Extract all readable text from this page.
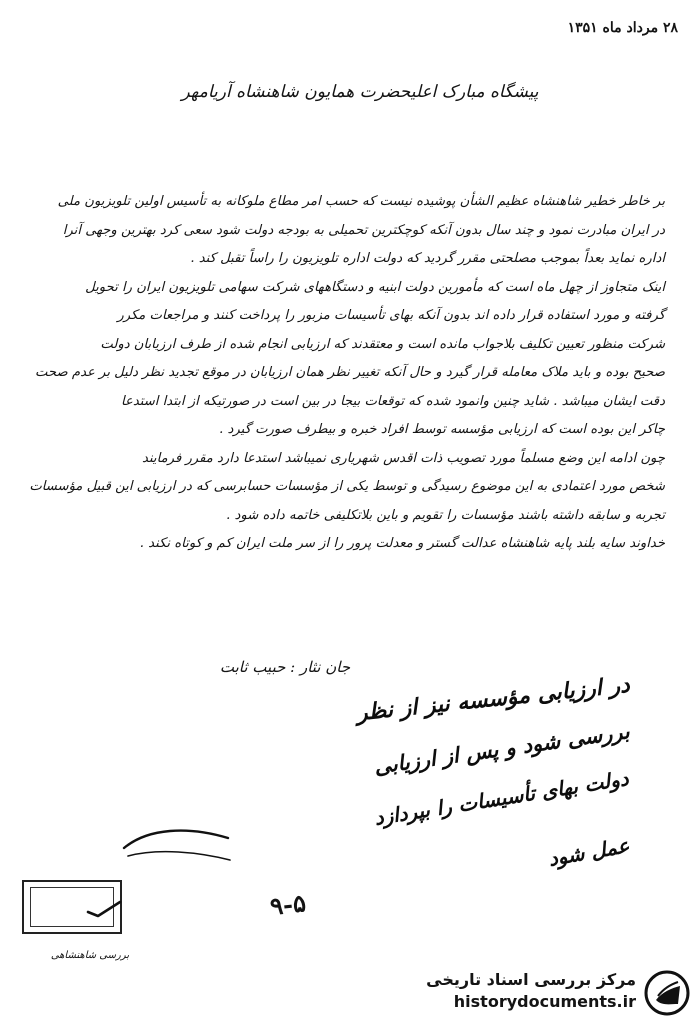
۲۸ مرداد ماه ۱۳۵۱
پیشگاه مبارک اعلیحضرت همایون شاهنشاه آریامهر
بر خاطر خطیر شاهنشاه عظیم الشأن پوشیده نیست که حسب امر مطاع ملوکانه به تأسیس اولین تلویزیون ملی
در ایران مبادرت نمود و چند سال بدون آنکه کوچکترین تحمیلی به بودجه دولت شود سعی کرد بهترین وجهی آنرا
اداره نماید بعداً بموجب مصلحتی مقرر گردید که دولت اداره تلویزیون را راساً تقبل کند .
اینک متجاوز از چهل ماه است که مأمورین دولت ابنیه و دستگاههای شرکت سهامی تلویزیون ایران را تحویل
گرفته و مورد استفاده قرار داده اند بدون آنکه بهای تأسیسات مزبور را پرداخت کنند و مراجعات مکرر
شرکت منظور تعیین تکلیف بلاجواب مانده است و معتقدند که ارزیابی انجام شده از طرف ارزیابان دولت
صحیح بوده و باید ملاک معامله قرار گیرد و حال آنکه تغییر نظر همان ارزیابان در موقع تجدید نظر دلیل بر عدم صحت
دقت ایشان میباشد . شاید چنین وانمود شده که توقعات بیجا در بین است در صورتیکه از ابتدا استدعا
چاکر این بوده است که ارزیابی مؤسسه توسط افراد خبره و بیطرف صورت گیرد .
چون ادامه این وضع مسلماً مورد تصویب ذات اقدس شهریاری نمیباشد استدعا دارد مقرر فرمایند
شخص مورد اعتمادی به این موضوع رسیدگی و توسط یکی از مؤسسات حسابرسی که در ارزیابی این قبیل مؤسسات
تجربه و سابقه داشته باشند مؤسسات را تقویم و باین بلاتکلیفی خاتمه داده شود .
خداوند سایه بلند پایه شاهنشاه عدالت گستر و معدلت پرور را از سر ملت ایران کم و کوتاه نکند .
جان نثار : حبیب ثابت
در ارزیابی مؤسسه نیز از نظر
بررسی شود و پس از ارزیابی
دولت بهای تأسیسات را بپردازد
عمل شود
۹-۵
بررسی شاهنشاهی
مرکز بررسی اسناد تاریخی
historydocuments.ir
